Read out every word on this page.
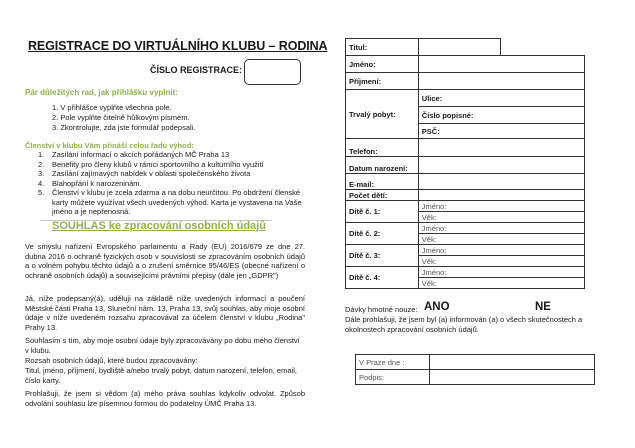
REGISTRACE DO VIRTUÁLNÍHO KLUBU – RODINA
ČÍSLO REGISTRACE:
Pár důležitých rad, jak přihlášku vyplnit:
1. V přihlášce vyplňte všechna pole.
2. Pole vyplňte čitelně hůlkovým písmem.
3. Zkontrolujte, zda jste formulář podepsali.
Členství v klubu Vám přináší celou řadu výhod:
1.	Zasílání informací o akcích pořádaných MČ Praha 13
2.	Benefity pro členy klubů v rámci sportovního a kulturního využití
3.	Zasílání zajímavých nabídek v oblasti společenského života
4.	Blahopřání k narozeninám.
5.	Členství v klubu je zcela zdarma a na dobu neurčitou. Po obdržení členské karty můžete využívat všech uvedených výhod. Karta je vystavena na Vaše jméno a je nepřenosná.
SOUHLAS ke zpracování osobních údajů

Ve smyslu nařízení Evropského parlamentu a Rady (EU) 2016/679 ze dne 27. dubna 2016 o ochraně fyzických osob v souvislosti se zpracováním osobních údajů a o volném pohybu těchto údajů a o zrušení směrnice 95/46/ES (obecné nařízení o ochraně osobních údajů) a souvisejícími právními přepisy (dále jen „GDPR")

Já, níže podepsaný(á), uděluji na základě níže uvedených informací a poučení Městské části Praha 13, Sluneční nám. 13, Praha 13, svůj souhlas, aby moje osobní údaje v níže uvedeném rozsahu zpracovával za účelem členství v klubu „Rodina" Prahy 13.

Souhlasím s tím, aby moje osobní údaje byly zpracovávány po dobu mého členství v klubu.

Rozsah osobních údajů, které budou zpracovávány:

Titul, jméno, příjmení, bydliště a/nebo trvalý pobyt, datum narození, telefon, email, číslo karty.

Prohlašuji, že jsem si vědom (a) mého práva souhlas kdykoliv odvolat. Způsob odvolání souhlasu lze písemnou formou do podatelny ÚMČ Praha 13.

Titul:		
Jméno:		
Příjmení:		
Trvalý pobyt:	Ulice:	
	Číslo popisné:	
	PSČ:	
Telefon:		
Datum narození:		
E-mail:		
Počet dětí:		
Dítě č. 1:	Jméno:	
	Věk:	
Dítě č. 2:	Jméno:	
	Věk:	
Dítě č. 3:	Jméno:	
	Věk:	
Dítě č. 4:	Jméno:	
	Věk:	
Dávky hmotné nouze: ANO	NE
Dále prohlašuji, že jsem byl (a) informován (a) o všech skutečnostech a okolnostech zpracování osobních údajů.
V Praze dne :	
Podpis:	
